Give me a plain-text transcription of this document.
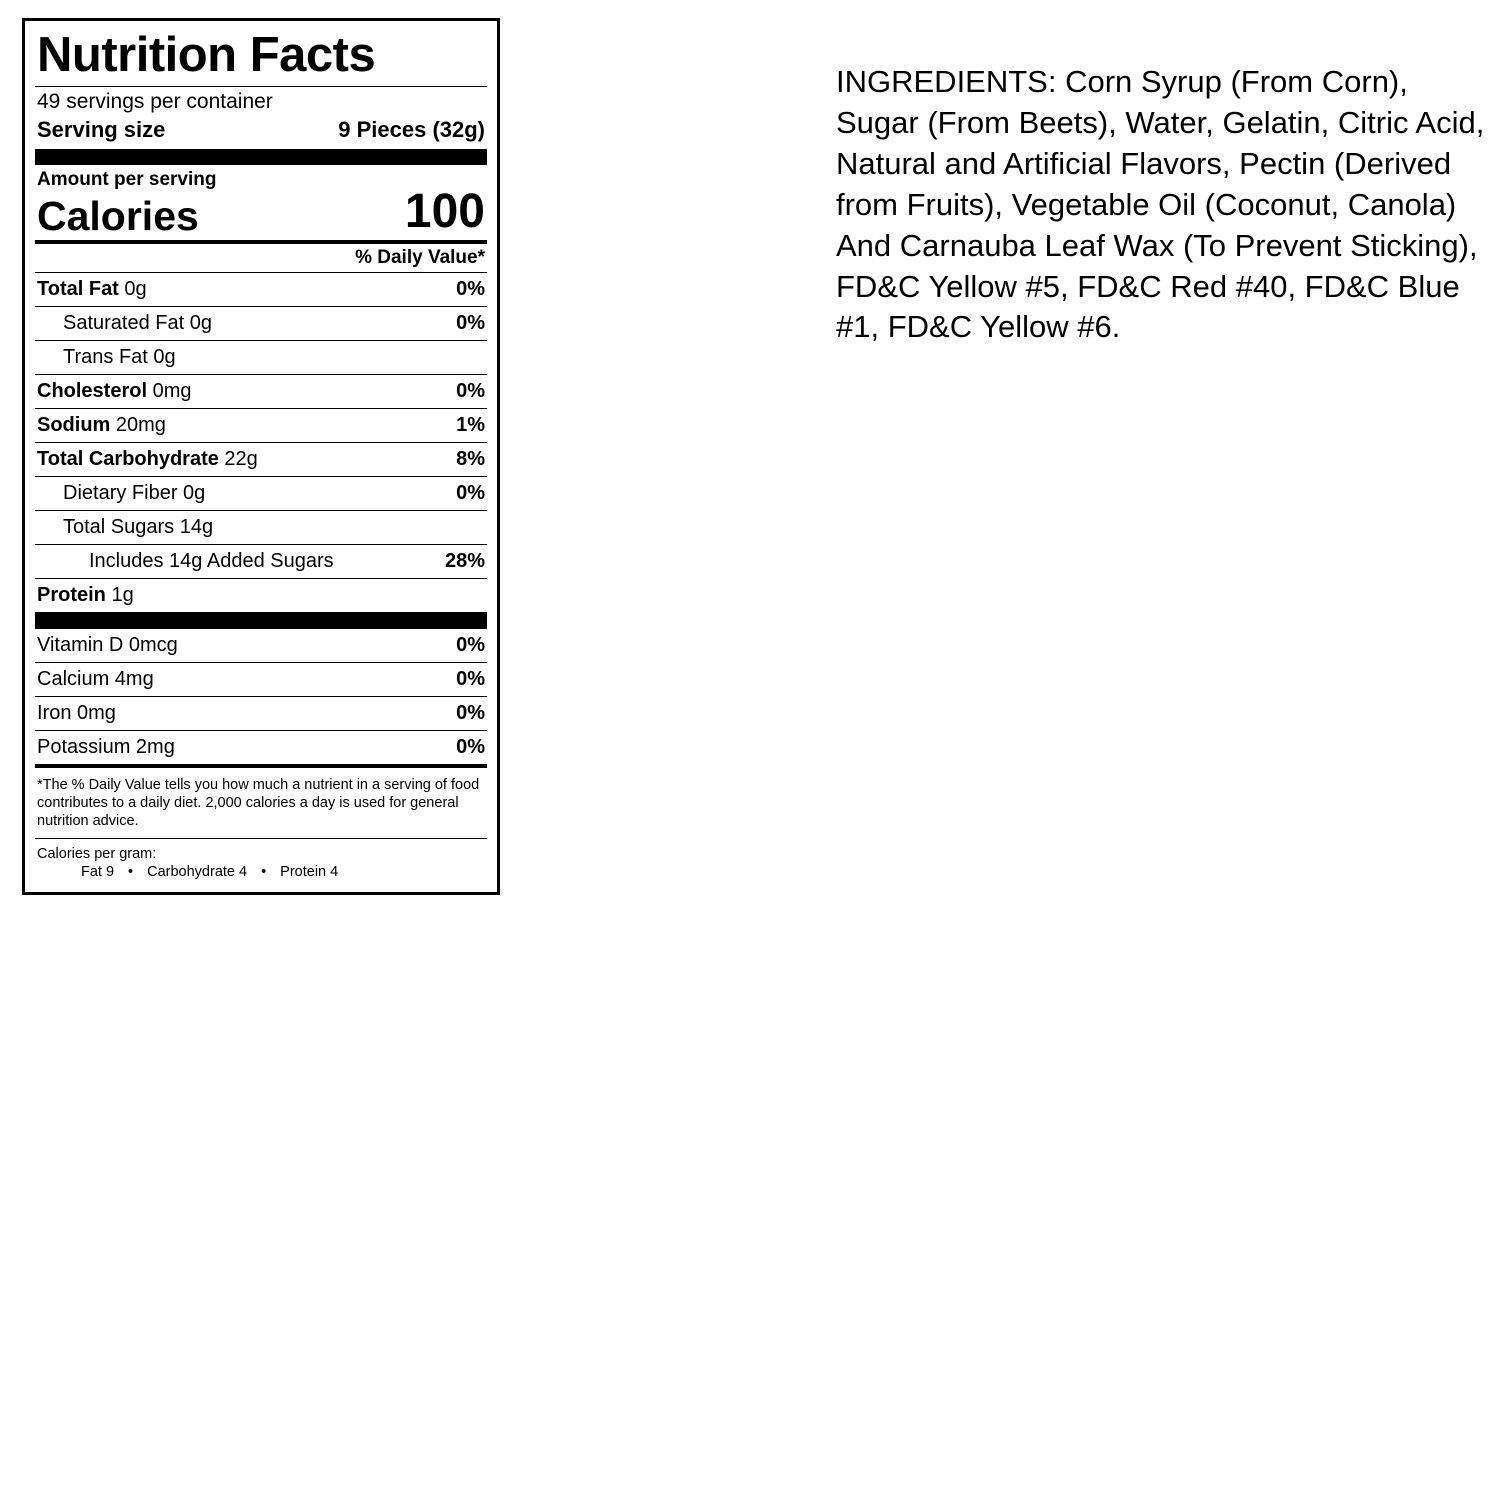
Nutrition Facts
49 servings per container
Serving size	9 Pieces (32g)
Amount per serving
Calories	100
% Daily Value*
Total Fat 0g	0%
Saturated Fat 0g	0%
Trans Fat 0g
Cholesterol 0mg	0%
Sodium 20mg	1%
Total Carbohydrate 22g	8%
Dietary Fiber 0g	0%
Total Sugars 14g
Includes 14g Added Sugars	28%
Protein 1g
Vitamin D 0mcg	0%
Calcium 4mg	0%
Iron 0mg	0%
Potassium 2mg	0%
*The % Daily Value tells you how much a nutrient in a serving of food contributes to a daily diet. 2,000 calories a day is used for general nutrition advice.
Calories per gram:
Fat 9 • Carbohydrate 4 • Protein 4
INGREDIENTS: Corn Syrup (From Corn), Sugar (From Beets), Water, Gelatin, Citric Acid, Natural and Artificial Flavors, Pectin (Derived from Fruits), Vegetable Oil (Coconut, Canola) And Carnauba Leaf Wax (To Prevent Sticking), FD&C Yellow #5, FD&C Red #40, FD&C Blue #1, FD&C Yellow #6.
